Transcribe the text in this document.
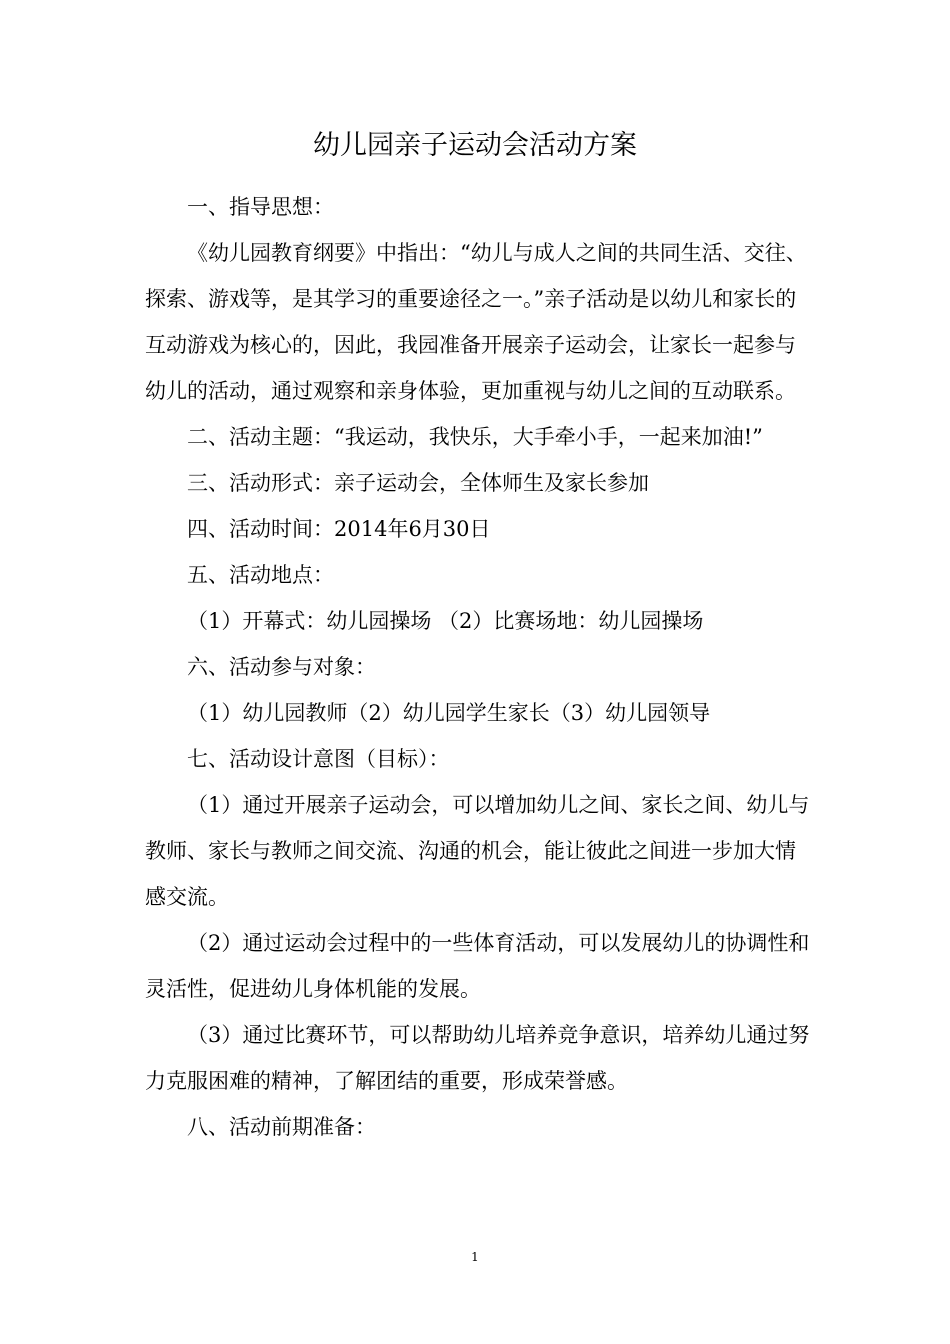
幼儿园亲子运动会活动方案

一、指导思想：

《幼儿园教育纲要》中指出：“幼儿与成人之间的共同生活、交往、探索、游戏等，是其学习的重要途径之一。”亲子活动是以幼儿和家长的互动游戏为核心的，因此，我园准备开展亲子运动会，让家长一起参与幼儿的活动，通过观察和亲身体验，更加重视与幼儿之间的互动联系。

二、活动主题：“我运动，我快乐，大手牵小手，一起来加油!”

三、活动形式：亲子运动会，全体师生及家长参加

四、活动时间：2014年6月30日

五、活动地点：

（1）开幕式：幼儿园操场 （2）比赛场地：幼儿园操场

六、活动参与对象：

（1）幼儿园教师（2）幼儿园学生家长（3）幼儿园领导

七、活动设计意图（目标）：

（1）通过开展亲子运动会，可以增加幼儿之间、家长之间、幼儿与教师、家长与教师之间交流、沟通的机会，能让彼此之间进一步加大情感交流。

（2）通过运动会过程中的一些体育活动，可以发展幼儿的协调性和灵活性，促进幼儿身体机能的发展。

（3）通过比赛环节，可以帮助幼儿培养竞争意识，培养幼儿通过努力克服困难的精神，了解团结的重要，形成荣誉感。

八、活动前期准备：

1
